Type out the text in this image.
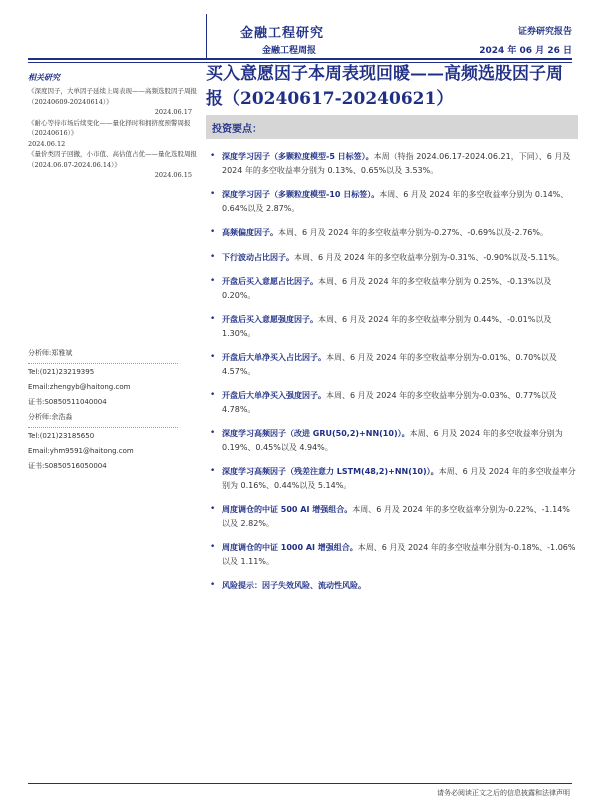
金融工程研究
金融工程周报
证券研究报告
2024 年 06 月 26 日
相关研究
《深度因子，大单因子延续上周表现——高频选股因子周报（20240609-20240614）》
2024.06.17
《耐心等待市场后续变化——量化择时和拥挤度预警周报（20240616）》
2024.06.12
《量价类因子回撤，小市值、高估值占优——量化选股周报（2024.06.07-2024.06.14）》
2024.06.15
分析师:郑雅斌
Tel:(021)23219395
Email:zhengyb@haitong.com
证书:S0850511040004
分析师:余浩淼
Tel:(021)23185650
Email:yhm9591@haitong.com
证书:S0850516050004
买入意愿因子本周表现回暖——高频选股因子周报（20240617-20240621）
投资要点：
• 深度学习因子（多颗粒度模型-5 日标签）。本周（特指 2024.06.17-2024.06.21，下同）、6 月及 2024 年的多空收益率分别为 0.13%、0.65%以及 3.53%。
• 深度学习因子（多颗粒度模型-10 日标签）。本周、6 月及 2024 年的多空收益率分别为 0.14%、0.64%以及 2.87%。
• 高频偏度因子。本周、6 月及 2024 年的多空收益率分别为-0.27%、-0.69%以及-2.76%。
• 下行波动占比因子。本周、6 月及 2024 年的多空收益率分别为-0.31%、-0.90%以及-5.11%。
• 开盘后买入意愿占比因子。本周、6 月及 2024 年的多空收益率分别为 0.25%、-0.13%以及 0.20%。
• 开盘后买入意愿强度因子。本周、6 月及 2024 年的多空收益率分别为 0.44%、-0.01%以及 1.30%。
• 开盘后大单净买入占比因子。本周、6 月及 2024 年的多空收益率分别为-0.01%、0.70%以及 4.57%。
• 开盘后大单净买入强度因子。本周、6 月及 2024 年的多空收益率分别为-0.03%、0.77%以及 4.78%。
• 深度学习高频因子（改进 GRU(50,2)+NN(10)）。本周、6 月及 2024 年的多空收益率分别为 0.19%、0.45%以及 4.94%。
• 深度学习高频因子（残差注意力 LSTM(48,2)+NN(10)）。本周、6 月及 2024 年的多空收益率分别为 0.16%、0.44%以及 5.14%。
• 周度调仓的中证 500 AI 增强组合。本周、6 月及 2024 年的多空收益率分别为-0.22%、-1.14%以及 2.82%。
• 周度调仓的中证 1000 AI 增强组合。本周、6 月及 2024 年的多空收益率分别为-0.18%、-1.06%以及 1.11%。
• 风险提示：因子失效风险、流动性风险。
请务必阅读正文之后的信息披露和法律声明
